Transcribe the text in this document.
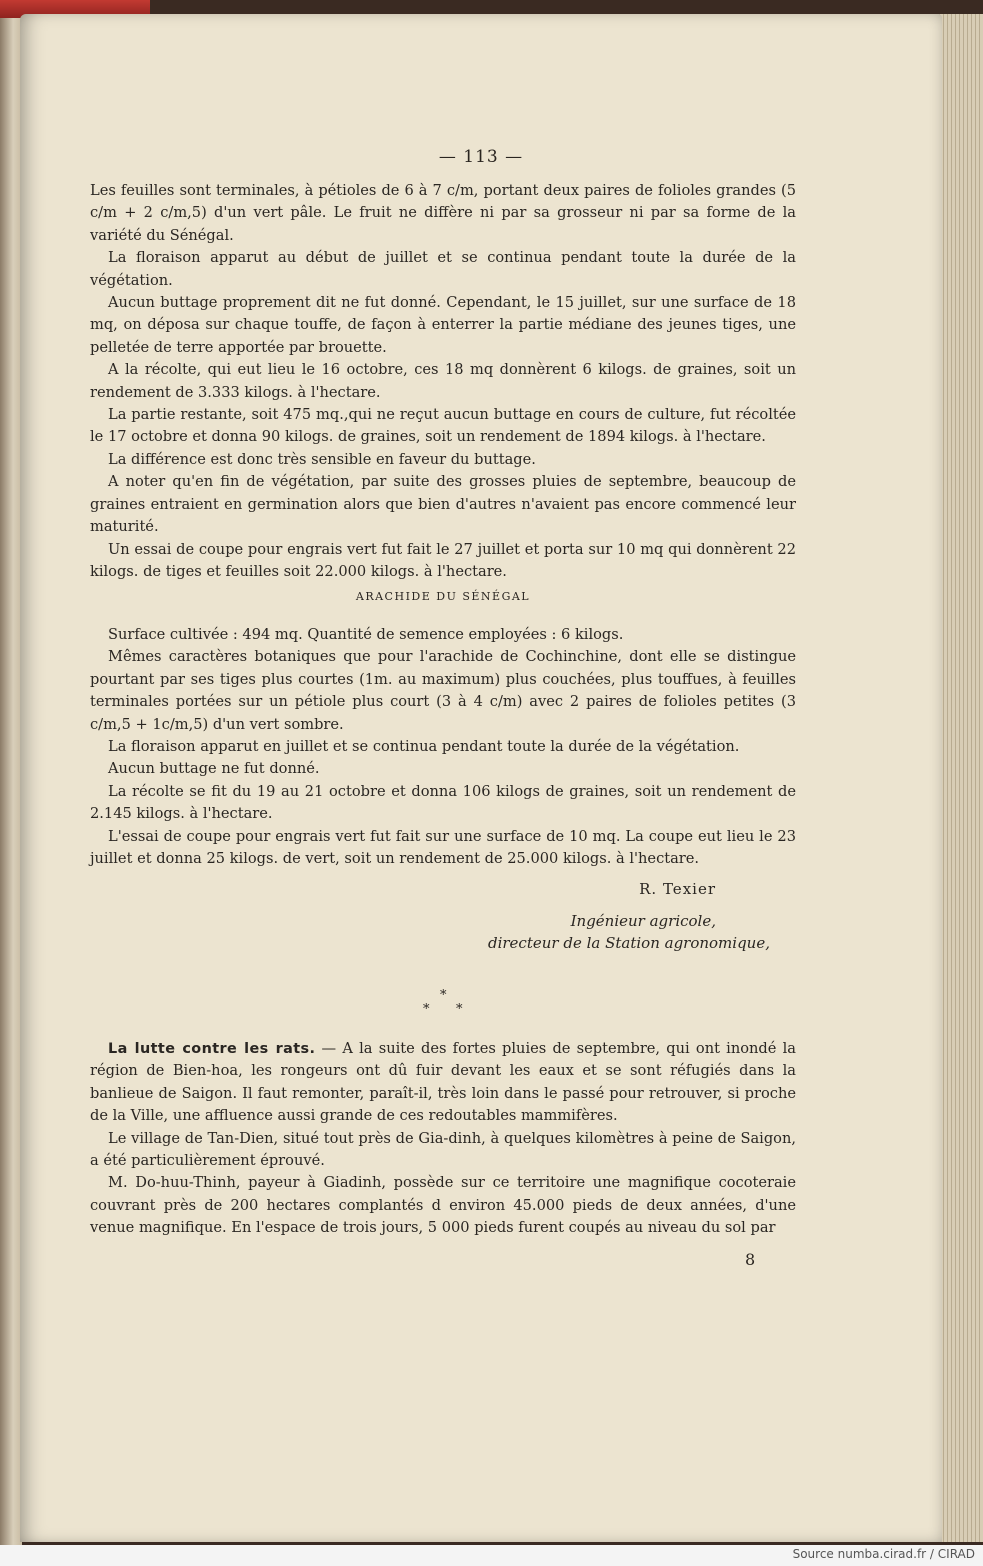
— 113 —

Les feuilles sont terminales, à pétioles de 6 à 7 c/m, portant deux paires de folioles grandes (5 c/m + 2 c/m,5) d'un vert pâle. Le fruit ne diffère ni par sa grosseur ni par sa forme de la variété du Sénégal.

La floraison apparut au début de juillet et se continua pendant toute la durée de la végétation.

Aucun buttage proprement dit ne fut donné. Cependant, le 15 juillet, sur une surface de 18 mq, on déposa sur chaque touffe, de façon à enterrer la partie médiane des jeunes tiges, une pelletée de terre apportée par brouette.

A la récolte, qui eut lieu le 16 octobre, ces 18 mq donnèrent 6 kilogs. de graines, soit un rendement de 3.333 kilogs. à l'hectare.

La partie restante, soit 475 mq.,qui ne reçut aucun buttage en cours de culture, fut récoltée le 17 octobre et donna 90 kilogs. de graines, soit un rendement de 1894 kilogs. à l'hectare.

La différence est donc très sensible en faveur du buttage.

A noter qu'en fin de végétation, par suite des grosses pluies de septembre, beaucoup de graines entraient en germination alors que bien d'autres n'avaient pas encore commencé leur maturité.

Un essai de coupe pour engrais vert fut fait le 27 juillet et porta sur 10 mq qui donnèrent 22 kilogs. de tiges et feuilles soit 22.000 kilogs. à l'hectare.

ARACHIDE DU SÉNÉGAL

Surface cultivée : 494 mq. Quantité de semence employées : 6 kilogs.

Mêmes caractères botaniques que pour l'arachide de Cochinchine, dont elle se distingue pourtant par ses tiges plus courtes (1m. au maximum) plus couchées, plus touffues, à feuilles terminales portées sur un pétiole plus court (3 à 4 c/m) avec 2 paires de folioles petites (3 c/m,5 + 1c/m,5) d'un vert sombre.

La floraison apparut en juillet et se continua pendant toute la durée de la végétation.

Aucun buttage ne fut donné.

La récolte se fit du 19 au 21 octobre et donna 106 kilogs de graines, soit un rendement de 2.145 kilogs. à l'hectare.

L'essai de coupe pour engrais vert fut fait sur une surface de 10 mq. La coupe eut lieu le 23 juillet et donna 25 kilogs. de vert, soit un rendement de 25.000 kilogs. à l'hectare.

R. Texier
Ingénieur agricole,
directeur de la Station agronomique,
*
* *

La lutte contre les rats. — A la suite des fortes pluies de septembre, qui ont inondé la région de Bien-hoa, les rongeurs ont dû fuir devant les eaux et se sont réfugiés dans la banlieue de Saigon. Il faut remonter, paraît-il, très loin dans le passé pour retrouver, si proche de la Ville, une affluence aussi grande de ces redoutables mammifères.

Le village de Tan-Dien, situé tout près de Gia-dinh, à quelques kilomètres à peine de Saigon, a été particulièrement éprouvé.

M. Do-huu-Thinh, payeur à Giadinh, possède sur ce territoire une magnifique cocoteraie couvrant près de 200 hectares complantés d environ 45.000 pieds de deux années, d'une venue magnifique. En l'espace de trois jours, 5 000 pieds furent coupés au niveau du sol par

8
Source numba.cirad.fr / CIRAD
